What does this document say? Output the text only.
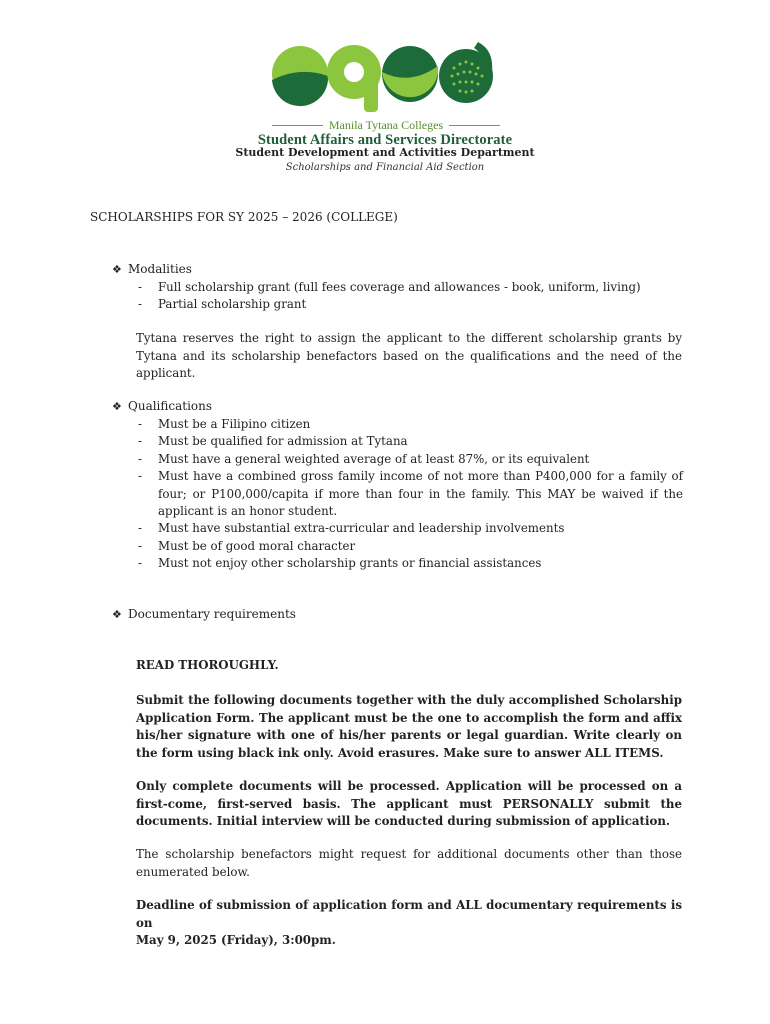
Manila Tytana Colleges
Student Affairs and Services Directorate
Student Development and Activities Department
Scholarships and Financial Aid Section
SCHOLARSHIPS FOR SY 2025 – 2026 (COLLEGE)
❖ Modalities
- Full scholarship grant (full fees coverage and allowances - book, uniform, living)
- Partial scholarship grant
Tytana reserves the right to assign the applicant to the different scholarship grants by Tytana and its scholarship benefactors based on the qualifications and the need of the applicant.
❖ Qualifications
- Must be a Filipino citizen
- Must be qualified for admission at Tytana
- Must have a general weighted average of at least 87%, or its equivalent
- Must have a combined gross family income of not more than P400,000 for a family of four; or P100,000/capita if more than four in the family. This MAY be waived if the applicant is an honor student.
- Must have substantial extra-curricular and leadership involvements
- Must be of good moral character
- Must not enjoy other scholarship grants or financial assistances
❖ Documentary requirements
READ THOROUGHLY.
Submit the following documents together with the duly accomplished Scholarship Application Form. The applicant must be the one to accomplish the form and affix his/her signature with one of his/her parents or legal guardian. Write clearly on the form using black ink only. Avoid erasures. Make sure to answer ALL ITEMS.
Only complete documents will be processed. Application will be processed on a first-come, first-served basis. The applicant must PERSONALLY submit the documents. Initial interview will be conducted during submission of application.
The scholarship benefactors might request for additional documents other than those enumerated below.
Deadline of submission of application form and ALL documentary requirements is on
May 9, 2025 (Friday), 3:00pm.
